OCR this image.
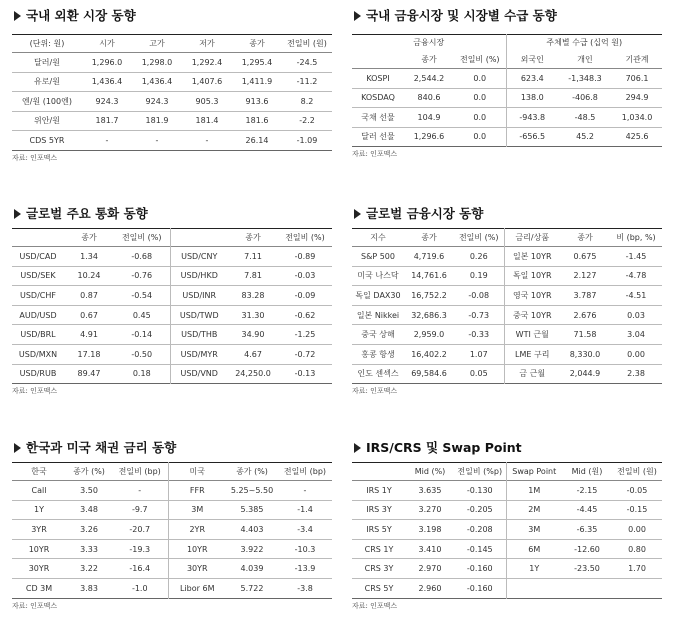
국내 외환 시장 동향
(단위: 원)	시가	고가	저가	종가	전일비 (원)
달러/원	1,296.0	1,298.0	1,292.4	1,295.4	-24.5
유로/원	1,436.4	1,436.4	1,407.6	1,411.9	-11.2
엔/원 (100엔)	924.3	924.3	905.3	913.6	8.2
위안/원	181.7	181.9	181.4	181.6	-2.2
CDS 5YR	-	-	-	26.14	-1.09
자료: 인포맥스
국내 금융시장 및 시장별 수급 동향
금융시장			주체별 수급 (십억 원)		
	종가	전일비 (%)	외국인	개인	기관계
KOSPI	2,544.2	0.0	623.4	-1,348.3	706.1
KOSDAQ	840.6	0.0	138.0	-406.8	294.9
국채 선물	104.9	0.0	-943.8	-48.5	1,034.0
달러 선물	1,296.6	0.0	-656.5	45.2	425.6
자료: 인포맥스
글로벌 주요 통화 동향
	종가	전일비 (%)		종가	전일비 (%)
USD/CAD	1.34	-0.68	USD/CNY	7.11	-0.89
USD/SEK	10.24	-0.76	USD/HKD	7.81	-0.03
USD/CHF	0.87	-0.54	USD/INR	83.28	-0.09
AUD/USD	0.67	0.45	USD/TWD	31.30	-0.62
USD/BRL	4.91	-0.14	USD/THB	34.90	-1.25
USD/MXN	17.18	-0.50	USD/MYR	4.67	-0.72
USD/RUB	89.47	0.18	USD/VND	24,250.0	-0.13
자료: 인포맥스
글로벌 금융시장 동향
지수	종가	전일비 (%)	금리/상품	종가	비 (bp, %)
S&P 500	4,719.6	0.26	일본 10YR	0.675	-1.45
미국 나스닥	14,761.6	0.19	독일 10YR	2.127	-4.78
독일 DAX30	16,752.2	-0.08	영국 10YR	3.787	-4.51
일본 Nikkei	32,686.3	-0.73	중국 10YR	2.676	0.03
중국 상해	2,959.0	-0.33	WTI 근월	71.58	3.04
홍콩 항생	16,402.2	1.07	LME 구리	8,330.0	0.00
인도 센섹스	69,584.6	0.05	금 근월	2,044.9	2.38
자료: 인포맥스
한국과 미국 채권 금리 동향
한국	종가 (%)	전일비 (bp)	미국	종가 (%)	전일비 (bp)
Call	3.50	-	FFR	5.25~5.50	-
1Y	3.48	-9.7	3M	5.385	-1.4
3YR	3.26	-20.7	2YR	4.403	-3.4
10YR	3.33	-19.3	10YR	3.922	-10.3
30YR	3.22	-16.4	30YR	4.039	-13.9
CD 3M	3.83	-1.0	Libor 6M	5.722	-3.8
자료: 인포맥스
IRS/CRS 및 Swap Point
	Mid (%)	전일비 (%p)	Swap Point	Mid (원)	전일비 (원)
IRS 1Y	3.635	-0.130	1M	-2.15	-0.05
IRS 3Y	3.270	-0.205	2M	-4.45	-0.15
IRS 5Y	3.198	-0.208	3M	-6.35	0.00
CRS 1Y	3.410	-0.145	6M	-12.60	0.80
CRS 3Y	2.970	-0.160	1Y	-23.50	1.70
CRS 5Y	2.960	-0.160			
자료: 인포맥스
